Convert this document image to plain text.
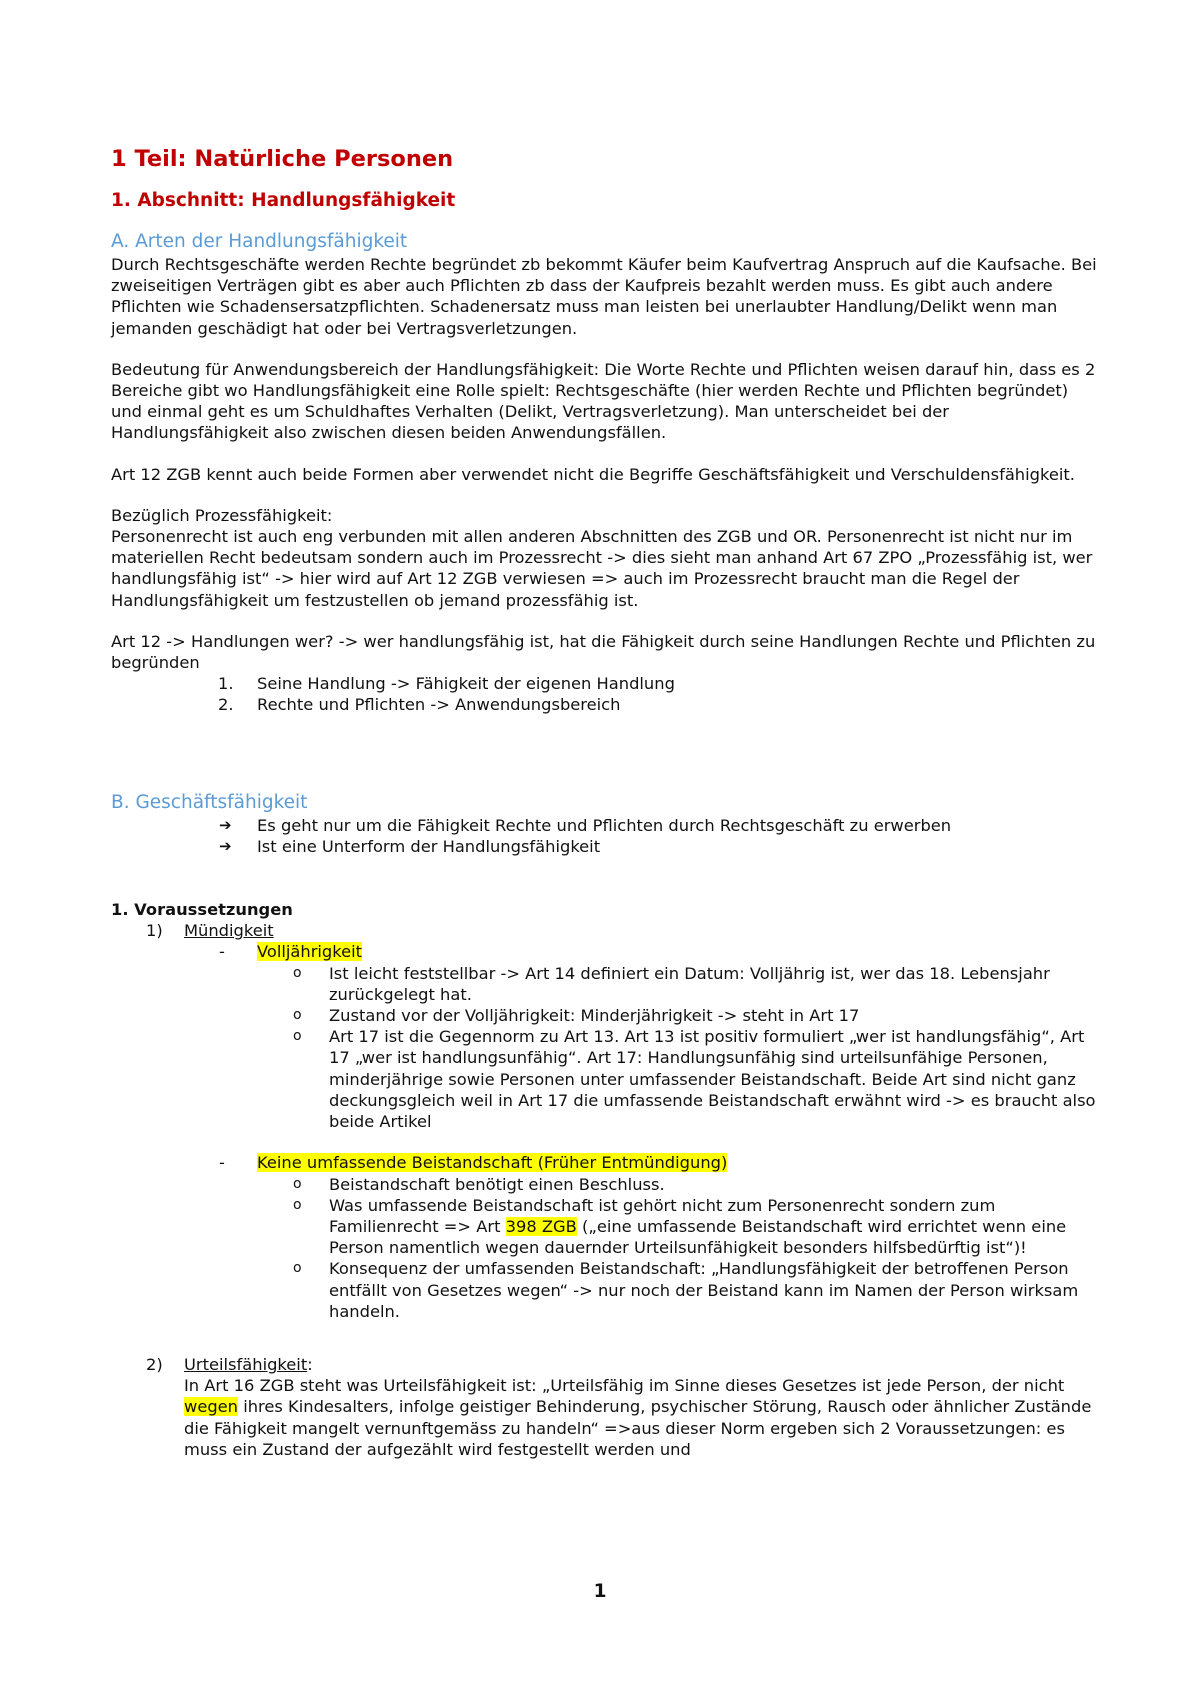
1 Teil: Natürliche Personen
1. Abschnitt: Handlungsfähigkeit
A. Arten der Handlungsfähigkeit

Durch Rechtsgeschäfte werden Rechte begründet zb bekommt Käufer beim Kaufvertrag Anspruch auf die Kaufsache. Bei zweiseitigen Verträgen gibt es aber auch Pflichten zb dass der Kaufpreis bezahlt werden muss. Es gibt auch andere Pflichten wie Schadensersatzpflichten. Schadenersatz muss man leisten bei unerlaubter Handlung/Delikt wenn man jemanden geschädigt hat oder bei Vertragsverletzungen.

Bedeutung für Anwendungsbereich der Handlungsfähigkeit: Die Worte Rechte und Pflichten weisen darauf hin, dass es 2 Bereiche gibt wo Handlungsfähigkeit eine Rolle spielt: Rechtsgeschäfte (hier werden Rechte und Pflichten begründet) und einmal geht es um Schuldhaftes Verhalten (Delikt, Vertragsverletzung). Man unterscheidet bei der Handlungsfähigkeit also zwischen diesen beiden Anwendungsfällen.

Art 12 ZGB kennt auch beide Formen aber verwendet nicht die Begriffe Geschäftsfähigkeit und Verschuldensfähigkeit.

Bezüglich Prozessfähigkeit:

Personenrecht ist auch eng verbunden mit allen anderen Abschnitten des ZGB und OR. Personenrecht ist nicht nur im materiellen Recht bedeutsam sondern auch im Prozessrecht -> dies sieht man anhand Art 67 ZPO „Prozessfähig ist, wer handlungsfähig ist“ -> hier wird auf Art 12 ZGB verwiesen => auch im Prozessrecht braucht man die Regel der Handlungsfähigkeit um festzustellen ob jemand prozessfähig ist.

Art 12 -> Handlungen wer? -> wer handlungsfähig ist, hat die Fähigkeit durch seine Handlungen Rechte und Pflichten zu begründen

1. Seine Handlung -> Fähigkeit der eigenen Handlung
2. Rechte und Pflichten -> Anwendungsbereich
B. Geschäftsfähigkeit
➔ Es geht nur um die Fähigkeit Rechte und Pflichten durch Rechtsgeschäft zu erwerben
➔ Ist eine Unterform der Handlungsfähigkeit

1. Voraussetzungen

1) Mündigkeit
- Volljährigkeit
o Ist leicht feststellbar -> Art 14 definiert ein Datum: Volljährig ist, wer das 18. Lebensjahr zurückgelegt hat.
o Zustand vor der Volljährigkeit: Minderjährigkeit -> steht in Art 17
o Art 17 ist die Gegennorm zu Art 13. Art 13 ist positiv formuliert „wer ist handlungsfähig“, Art 17 „wer ist handlungsunfähig“. Art 17: Handlungsunfähig sind urteilsunfähige Personen, minderjährige sowie Personen unter umfassender Beistandschaft. Beide Art sind nicht ganz deckungsgleich weil in Art 17 die umfassende Beistandschaft erwähnt wird -> es braucht also beide Artikel
- Keine umfassende Beistandschaft (Früher Entmündigung)
o Beistandschaft benötigt einen Beschluss.
o Was umfassende Beistandschaft ist gehört nicht zum Personenrecht sondern zum Familienrecht => Art 398 ZGB („eine umfassende Beistandschaft wird errichtet wenn eine Person namentlich wegen dauernder Urteilsunfähigkeit besonders hilfsbedürftig ist“)!
o Konsequenz der umfassenden Beistandschaft: „Handlungsfähigkeit der betroffenen Person entfällt von Gesetzes wegen“ -> nur noch der Beistand kann im Namen der Person wirksam handeln.
2) Urteilsfähigkeit:

In Art 16 ZGB steht was Urteilsfähigkeit ist: „Urteilsfähig im Sinne dieses Gesetzes ist jede Person, der nicht wegen ihres Kindesalters, infolge geistiger Behinderung, psychischer Störung, Rausch oder ähnlicher Zustände die Fähigkeit mangelt vernunftgemäss zu handeln“ =>aus dieser Norm ergeben sich 2 Voraussetzungen: es muss ein Zustand der aufgezählt wird festgestellt werden und

1
